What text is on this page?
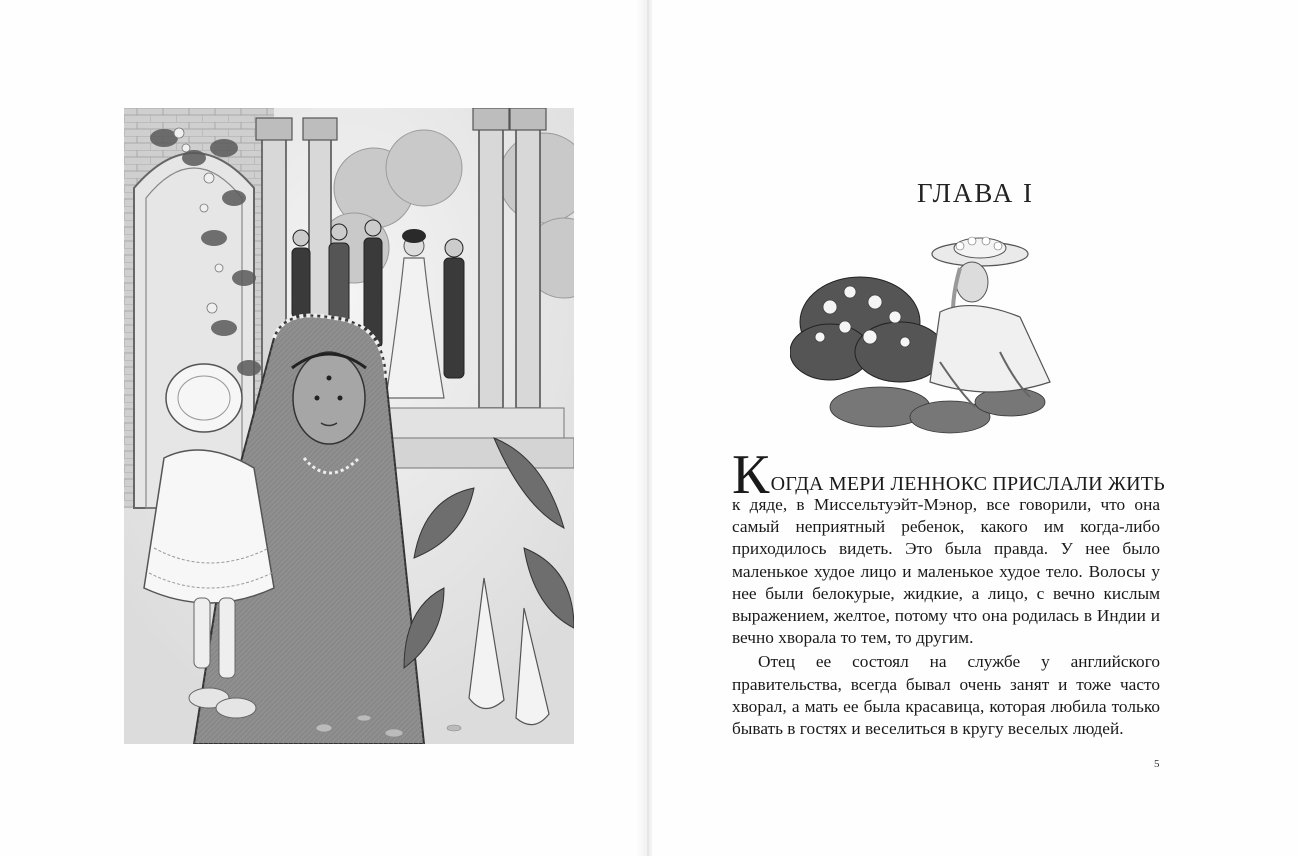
ГЛАВА I
КОГДА МЕРИ ЛЕННОКС ПРИСЛАЛИ ЖИТЬ

к дяде, в Миссельтуэйт-Мэнор, все говорили, что она самый неприятный ребенок, какого им когда-либо приходилось видеть. Это была правда. У нее было маленькое худое лицо и маленькое худое тело. Волосы у нее были белокурые, жидкие, а лицо, с вечно кислым выражением, желтое, потому что она родилась в Индии и вечно хворала то тем, то другим.

Отец ее состоял на службе у английского правительства, всегда бывал очень занят и тоже часто хворал, а мать ее была красавица, которая любила только бывать в гостях и веселиться в кругу веселых людей.

5
